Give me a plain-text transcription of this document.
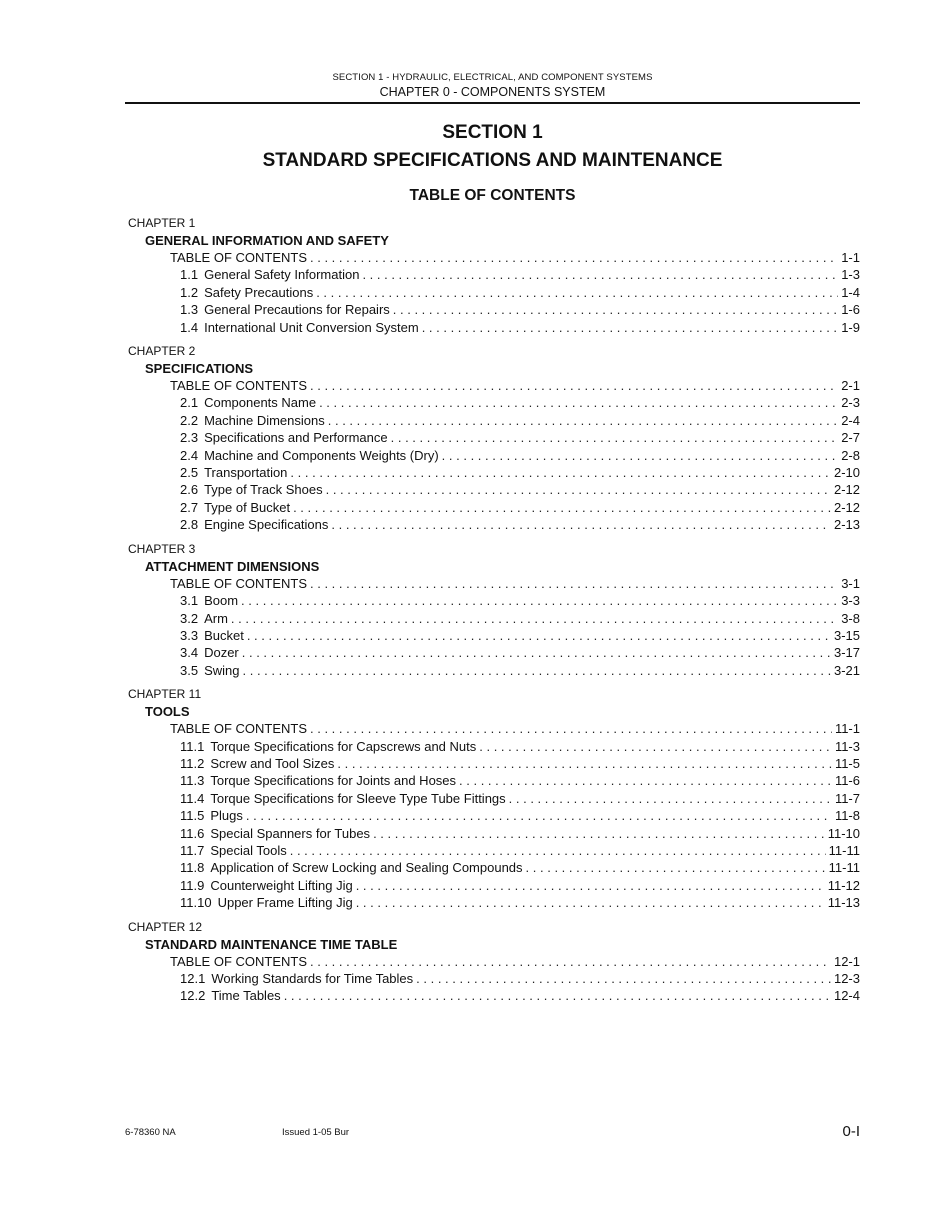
SECTION 1 - HYDRAULIC, ELECTRICAL, AND COMPONENT SYSTEMS
CHAPTER 0 - COMPONENTS SYSTEM
SECTION 1
STANDARD SPECIFICATIONS AND MAINTENANCE
TABLE OF CONTENTS
CHAPTER 1
GENERAL INFORMATION AND SAFETY
TABLE OF CONTENTS . . .	1-1
1.1 General Safety Information . . .	1-3
1.2 Safety Precautions . . .	1-4
1.3 General Precautions for Repairs . . .	1-6
1.4 International Unit Conversion System . . .	1-9
CHAPTER 2
SPECIFICATIONS
TABLE OF CONTENTS . . .	2-1
2.1 Components Name . . .	2-3
2.2 Machine Dimensions . . .	2-4
2.3 Specifications and Performance . . .	2-7
2.4 Machine and Components Weights (Dry) . . .	2-8
2.5 Transportation . . .	2-10
2.6 Type of Track Shoes . . .	2-12
2.7 Type of Bucket . . .	2-12
2.8 Engine Specifications . . .	2-13
CHAPTER 3
ATTACHMENT DIMENSIONS
TABLE OF CONTENTS . . .	3-1
3.1 Boom . . .	3-3
3.2 Arm . . .	3-8
3.3 Bucket . . .	3-15
3.4 Dozer . . .	3-17
3.5 Swing . . .	3-21
CHAPTER 11
TOOLS
TABLE OF CONTENTS . . .	11-1
11.1 Torque Specifications for Capscrews and Nuts . . .	11-3
11.2 Screw and Tool Sizes . . .	11-5
11.3 Torque Specifications for Joints and Hoses . . .	11-6
11.4 Torque Specifications for Sleeve Type Tube Fittings . . .	11-7
11.5 Plugs . . .	11-8
11.6 Special Spanners for Tubes . . .	11-10
11.7 Special Tools . . .	11-11
11.8 Application of Screw Locking and Sealing Compounds . . .	11-11
11.9 Counterweight Lifting Jig . . .	11-12
11.10 Upper Frame Lifting Jig . . .	11-13
CHAPTER 12
STANDARD MAINTENANCE TIME TABLE
TABLE OF CONTENTS . . .	12-1
12.1 Working Standards for Time Tables . . .	12-3
12.2 Time Tables . . .	12-4
6-78360 NA	Issued 1-05 Bur	0-I
